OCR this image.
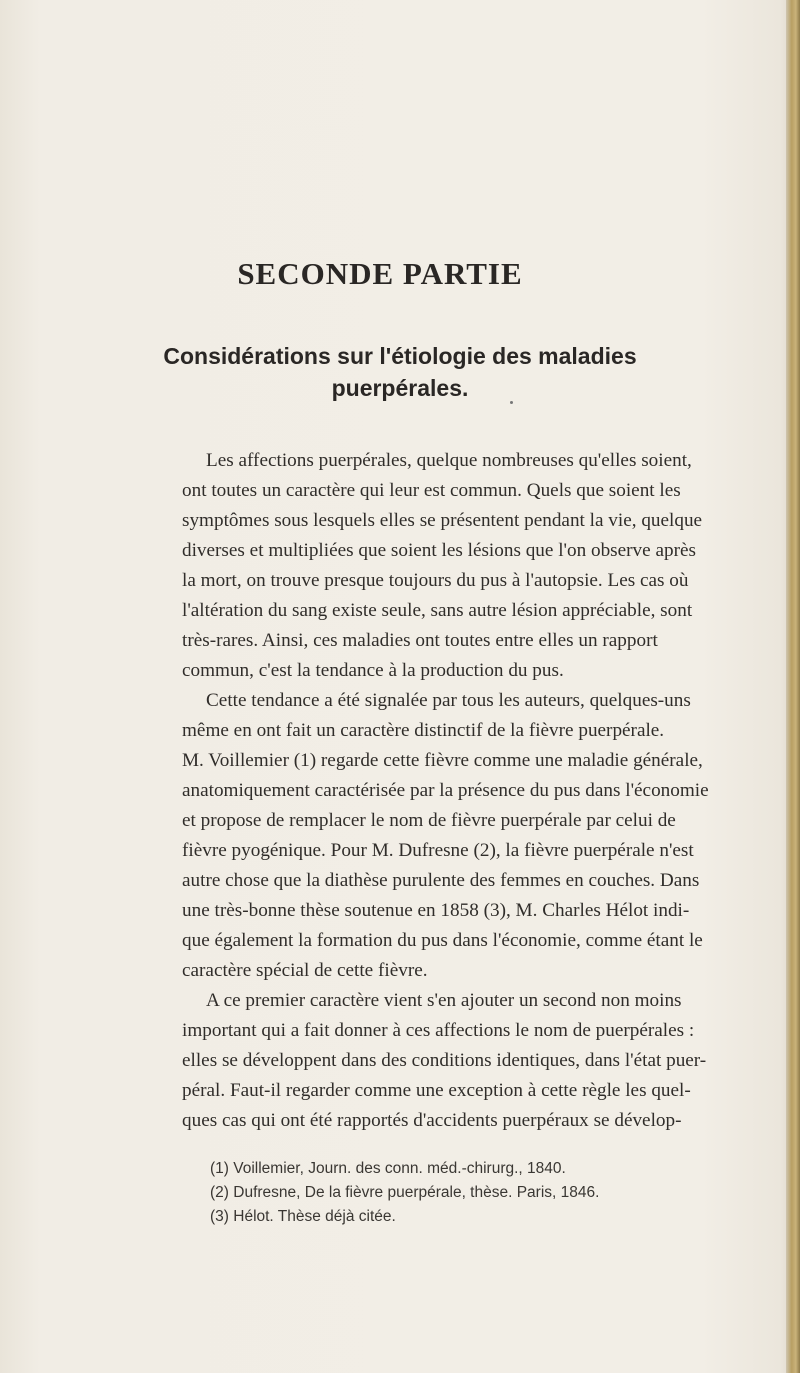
SECONDE PARTIE
Considérations sur l'étiologie des maladies
puerpérales.
Les affections puerpérales, quelque nombreuses qu'elles soient,
ont toutes un caractère qui leur est commun. Quels que soient les
symptômes sous lesquels elles se présentent pendant la vie, quelque
diverses et multipliées que soient les lésions que l'on observe après
la mort, on trouve presque toujours du pus à l'autopsie. Les cas où
l'altération du sang existe seule, sans autre lésion appréciable, sont
très-rares. Ainsi, ces maladies ont toutes entre elles un rapport
commun, c'est la tendance à la production du pus.
Cette tendance a été signalée par tous les auteurs, quelques-uns
même en ont fait un caractère distinctif de la fièvre puerpérale.
M. Voillemier (1) regarde cette fièvre comme une maladie générale,
anatomiquement caractérisée par la présence du pus dans l'économie
et propose de remplacer le nom de fièvre puerpérale par celui de
fièvre pyogénique. Pour M. Dufresne (2), la fièvre puerpérale n'est
autre chose que la diathèse purulente des femmes en couches. Dans
une très-bonne thèse soutenue en 1858 (3), M. Charles Hélot indi-
que également la formation du pus dans l'économie, comme étant le
caractère spécial de cette fièvre.
A ce premier caractère vient s'en ajouter un second non moins
important qui a fait donner à ces affections le nom de puerpérales :
elles se développent dans des conditions identiques, dans l'état puer-
péral. Faut-il regarder comme une exception à cette règle les quel-
ques cas qui ont été rapportés d'accidents puerpéraux se dévelop-
(1) Voillemier, Journ. des conn. méd.-chirurg., 1840.
(2) Dufresne, De la fièvre puerpérale, thèse. Paris, 1846.
(3) Hélot. Thèse déjà citée.
